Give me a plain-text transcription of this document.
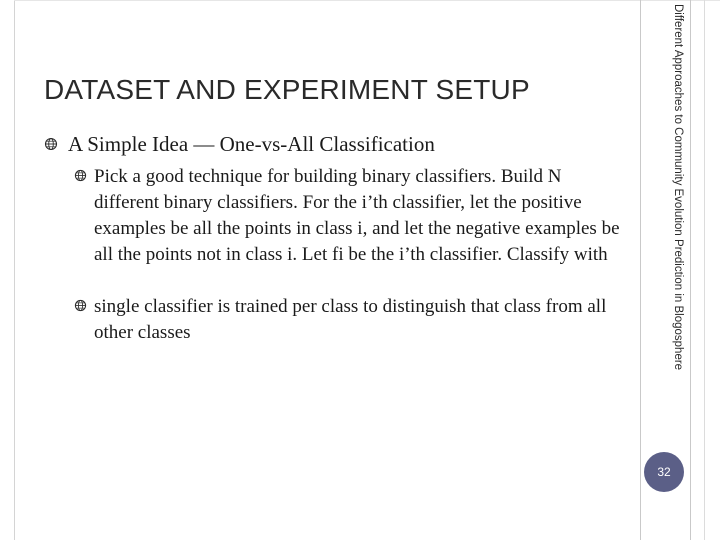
DATASET AND EXPERIMENT SETUP
A Simple Idea — One-vs-All Classification
Pick a good technique for building binary classifiers. Build N different binary classifiers. For the i’th classifier, let the positive examples be all the points in class i, and let the negative examples be all the points not in class i. Let fi be the i’th classifier. Classify with
single classifier is trained per class to distinguish that class from all other classes	Different Approaches to Community Evolution Prediction in Blogosphere
32
